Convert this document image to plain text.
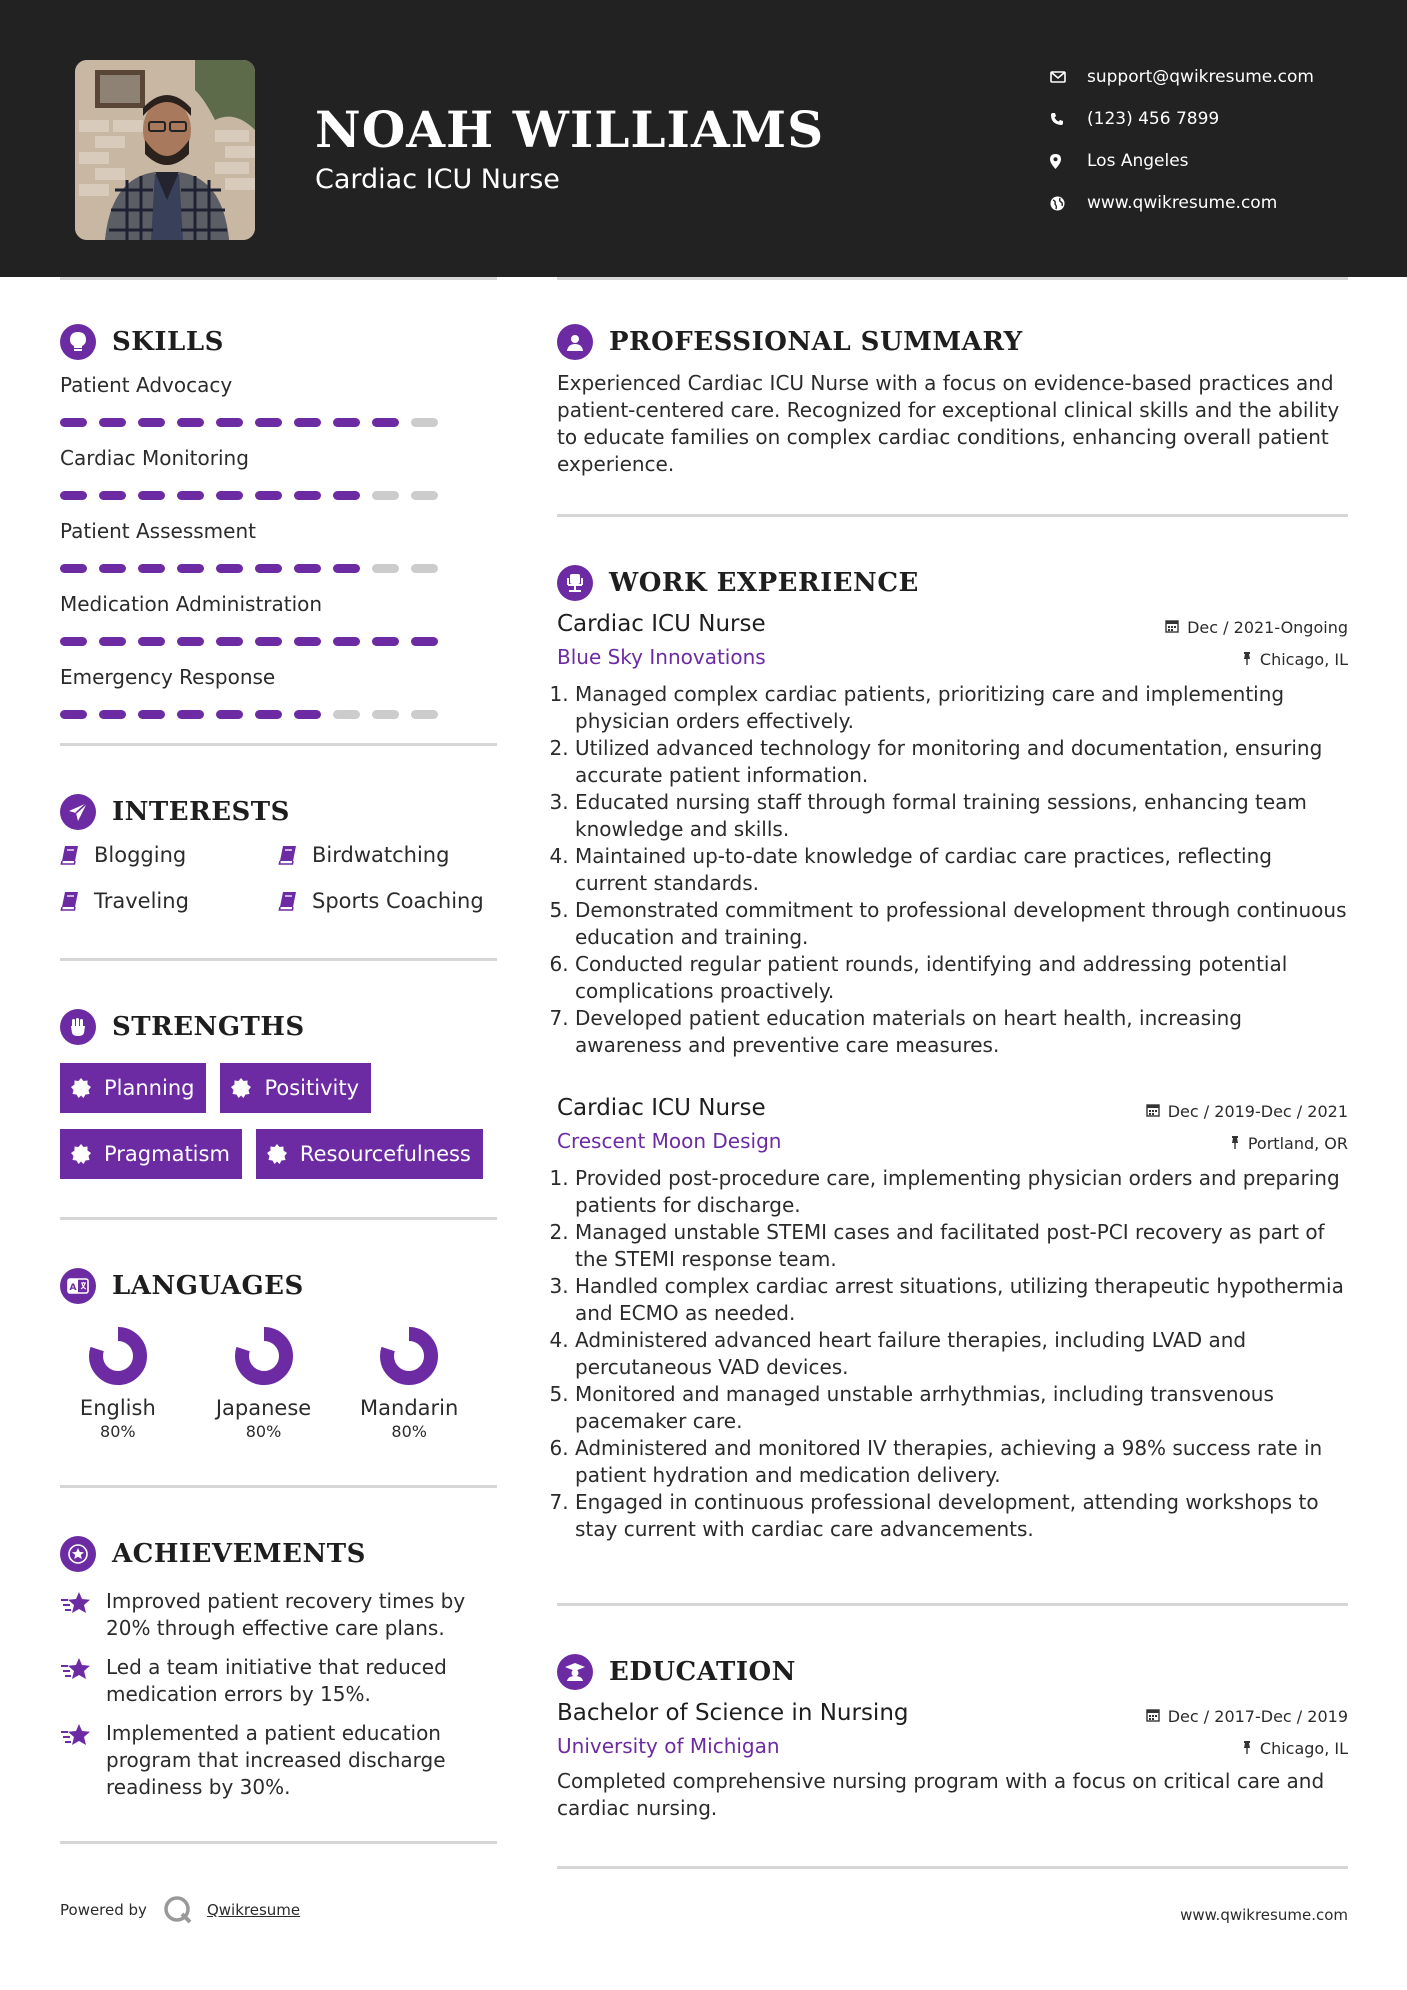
NOAH WILLIAMS
Cardiac ICU Nurse
support@qwikresume.com
(123) 456 7899
Los Angeles
www.qwikresume.com
SKILLS
Patient Advocacy
Cardiac Monitoring
Patient Assessment
Medication Administration
Emergency Response
INTERESTS
Blogging	Birdwatching
Traveling	Sports Coaching
STRENGTHS
Planning	Positivity
Pragmatism	Resourcefulness
A LANGUAGES
English
80%
Japanese
80%
Mandarin
80%
ACHIEVEMENTS
Improved patient recovery times by 20% through effective care plans.
Led a team initiative that reduced medication errors by 15%.
Implemented a patient education program that increased discharge readiness by 30%.
PROFESSIONAL SUMMARY

Experienced Cardiac ICU Nurse with a focus on evidence-based practices and patient-centered care. Recognized for exceptional clinical skills and the ability to educate families on complex cardiac conditions, enhancing overall patient experience.

WORK EXPERIENCE
Cardiac ICU Nurse	Dec / 2021-Ongoing
Blue Sky Innovations	Chicago, IL
1. Managed complex cardiac patients, prioritizing care and implementing physician orders effectively.
2. Utilized advanced technology for monitoring and documentation, ensuring accurate patient information.
3. Educated nursing staff through formal training sessions, enhancing team knowledge and skills.
4. Maintained up-to-date knowledge of cardiac care practices, reflecting current standards.
5. Demonstrated commitment to professional development through continuous education and training.
6. Conducted regular patient rounds, identifying and addressing potential complications proactively.
7. Developed patient education materials on heart health, increasing awareness and preventive care measures.
Cardiac ICU Nurse	Dec / 2019-Dec / 2021
Crescent Moon Design	Portland, OR
1. Provided post-procedure care, implementing physician orders and preparing patients for discharge.
2. Managed unstable STEMI cases and facilitated post-PCI recovery as part of the STEMI response team.
3. Handled complex cardiac arrest situations, utilizing therapeutic hypothermia and ECMO as needed.
4. Administered advanced heart failure therapies, including LVAD and percutaneous VAD devices.
5. Monitored and managed unstable arrhythmias, including transvenous pacemaker care.
6. Administered and monitored IV therapies, achieving a 98% success rate in patient hydration and medication delivery.
7. Engaged in continuous professional development, attending workshops to stay current with cardiac care advancements.
EDUCATION
Bachelor of Science in Nursing	Dec / 2017-Dec / 2019
University of Michigan	Chicago, IL

Completed comprehensive nursing program with a focus on critical care and cardiac nursing.

Powered by	Qwikresume	www.qwikresume.com
